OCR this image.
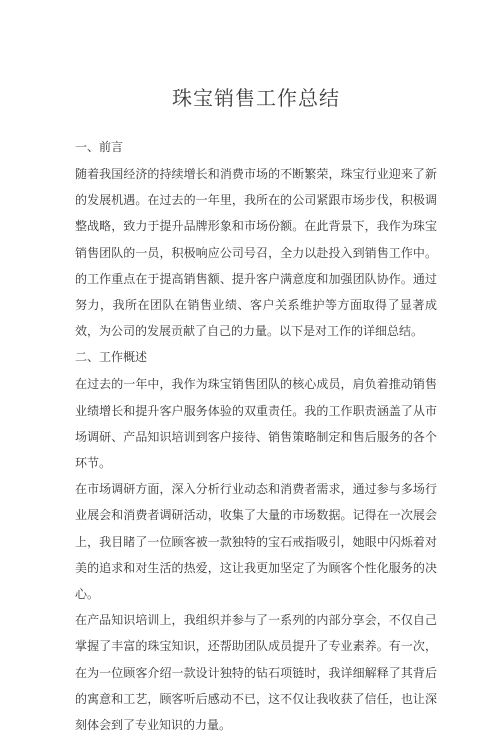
珠宝销售工作总结
一、前言

随着我国经济的持续增长和消费市场的不断繁荣，珠宝行业迎来了新的发展机遇。在过去的一年里，我所在的公司紧跟市场步伐，积极调整战略，致力于提升品牌形象和市场份额。在此背景下，我作为珠宝销售团队的一员，积极响应公司号召，全力以赴投入到销售工作中。的工作重点在于提高销售额、提升客户满意度和加强团队协作。通过努力，我所在团队在销售业绩、客户关系维护等方面取得了显著成效，为公司的发展贡献了自己的力量。以下是对工作的详细总结。

二、工作概述

在过去的一年中，我作为珠宝销售团队的核心成员，肩负着推动销售业绩增长和提升客户服务体验的双重责任。我的工作职责涵盖了从市场调研、产品知识培训到客户接待、销售策略制定和售后服务的各个环节。

在市场调研方面，深入分析行业动态和消费者需求，通过参与多场行业展会和消费者调研活动，收集了大量的市场数据。记得在一次展会上，我目睹了一位顾客被一款独特的宝石戒指吸引，她眼中闪烁着对美的追求和对生活的热爱，这让我更加坚定了为顾客个性化服务的决心。

在产品知识培训上，我组织并参与了一系列的内部分享会，不仅自己掌握了丰富的珠宝知识，还帮助团队成员提升了专业素养。有一次，在为一位顾客介绍一款设计独特的钻石项链时，我详细解释了其背后的寓意和工艺，顾客听后感动不已，这不仅让我收获了信任，也让深刻体会到了专业知识的力量。
